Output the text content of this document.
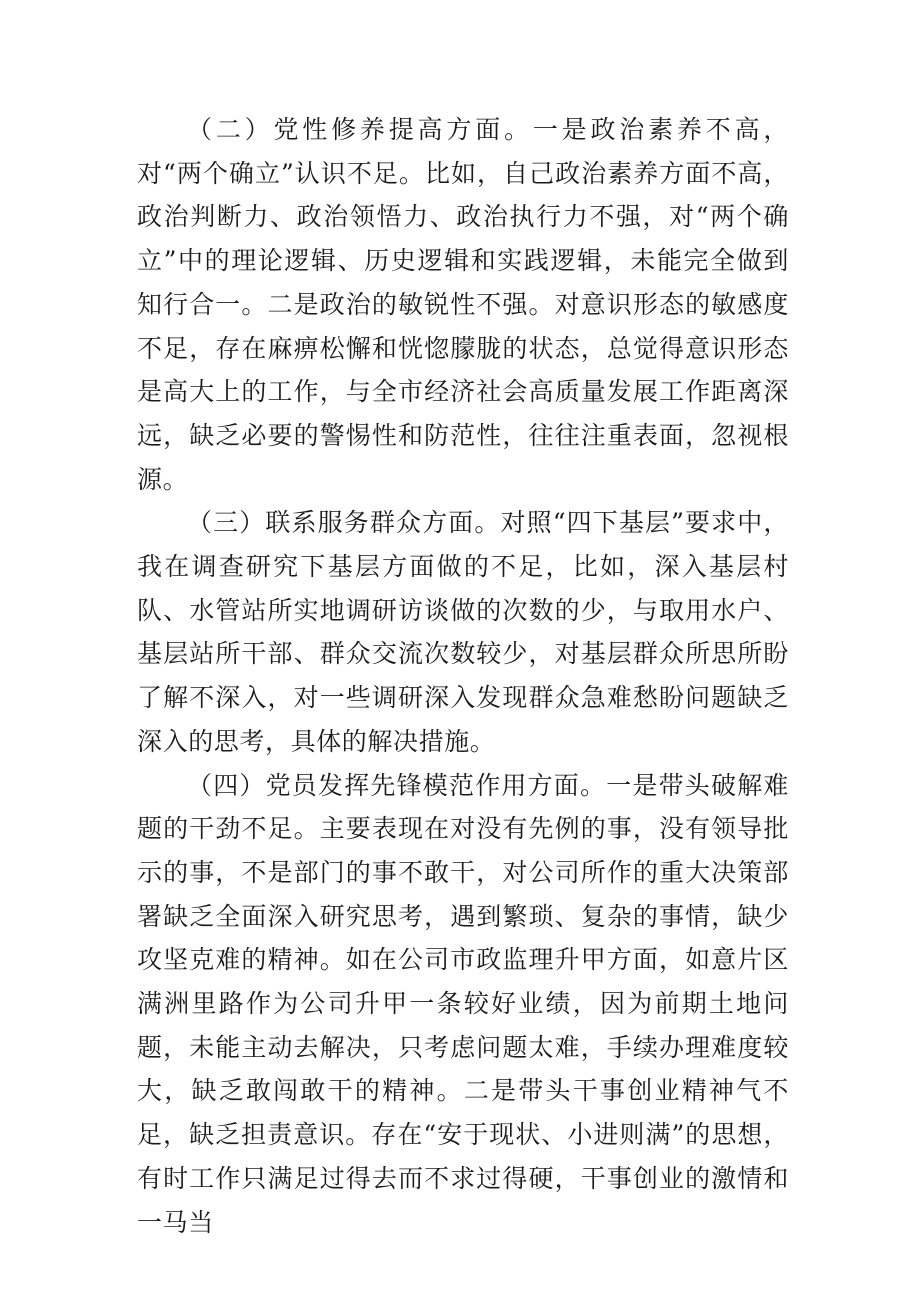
（二）党性修养提高方面。一是政治素养不高，对“两个确立”认识不足。比如，自己政治素养方面不高，政治判断力、政治领悟力、政治执行力不强，对“两个确立”中的理论逻辑、历史逻辑和实践逻辑，未能完全做到知行合一。二是政治的敏锐性不强。对意识形态的敏感度不足，存在麻痹松懈和恍惚朦胧的状态，总觉得意识形态是高大上的工作，与全市经济社会高质量发展工作距离深远，缺乏必要的警惕性和防范性，往往注重表面，忽视根源。

（三）联系服务群众方面。对照“四下基层”要求中，我在调查研究下基层方面做的不足，比如，深入基层村队、水管站所实地调研访谈做的次数的少，与取用水户、基层站所干部、群众交流次数较少，对基层群众所思所盼了解不深入，对一些调研深入发现群众急难愁盼问题缺乏深入的思考，具体的解决措施。

（四）党员发挥先锋模范作用方面。一是带头破解难题的干劲不足。主要表现在对没有先例的事，没有领导批示的事，不是部门的事不敢干，对公司所作的重大决策部署缺乏全面深入研究思考，遇到繁琐、复杂的事情，缺少攻坚克难的精神。如在公司市政监理升甲方面，如意片区满洲里路作为公司升甲一条较好业绩，因为前期土地问题，未能主动去解决，只考虑问题太难，手续办理难度较大，缺乏敢闯敢干的精神。二是带头干事创业精神气不足，缺乏担责意识。存在“安于现状、小进则满”的思想，有时工作只满足过得去而不求过得硬，干事创业的激情和一马当
